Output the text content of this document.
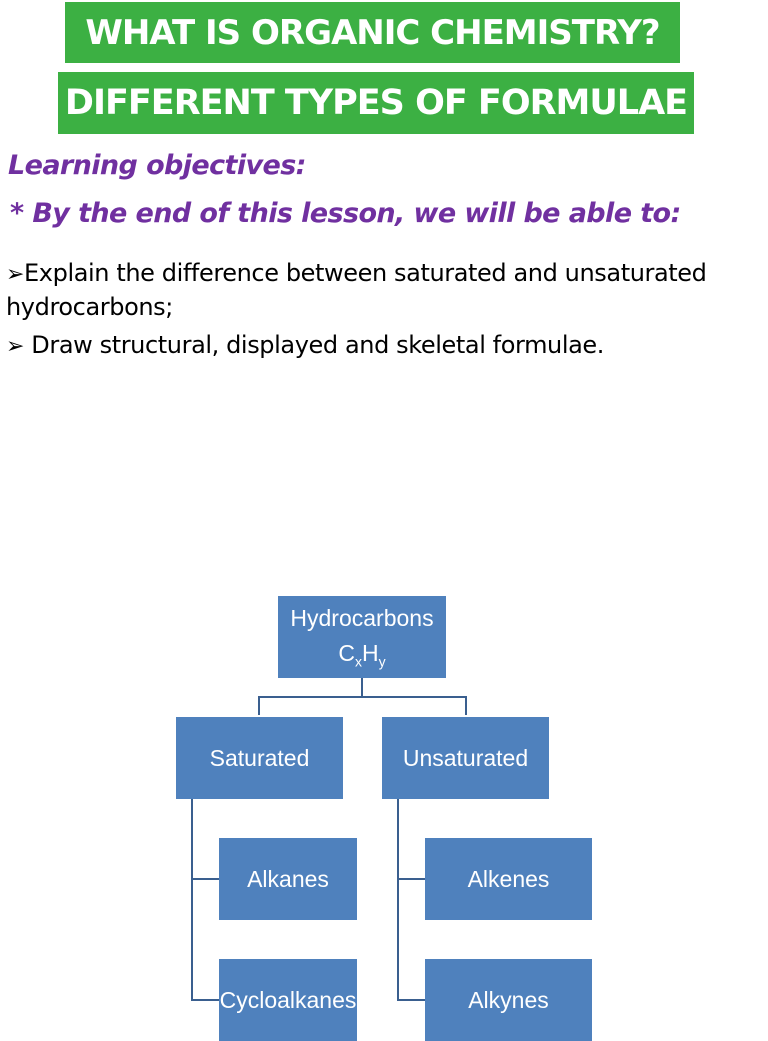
WHAT IS ORGANIC CHEMISTRY?
DIFFERENT TYPES OF FORMULAE
Learning objectives:
* By the end of this lesson, we will be able to:
➢Explain the difference between saturated and unsaturated hydrocarbons;
➢ Draw structural, displayed and skeletal formulae.
Hydrocarbons
$C_xH_y$
Saturated	Unsaturated
Alkanes
Cycloalkanes
Alkenes
Alkynes
